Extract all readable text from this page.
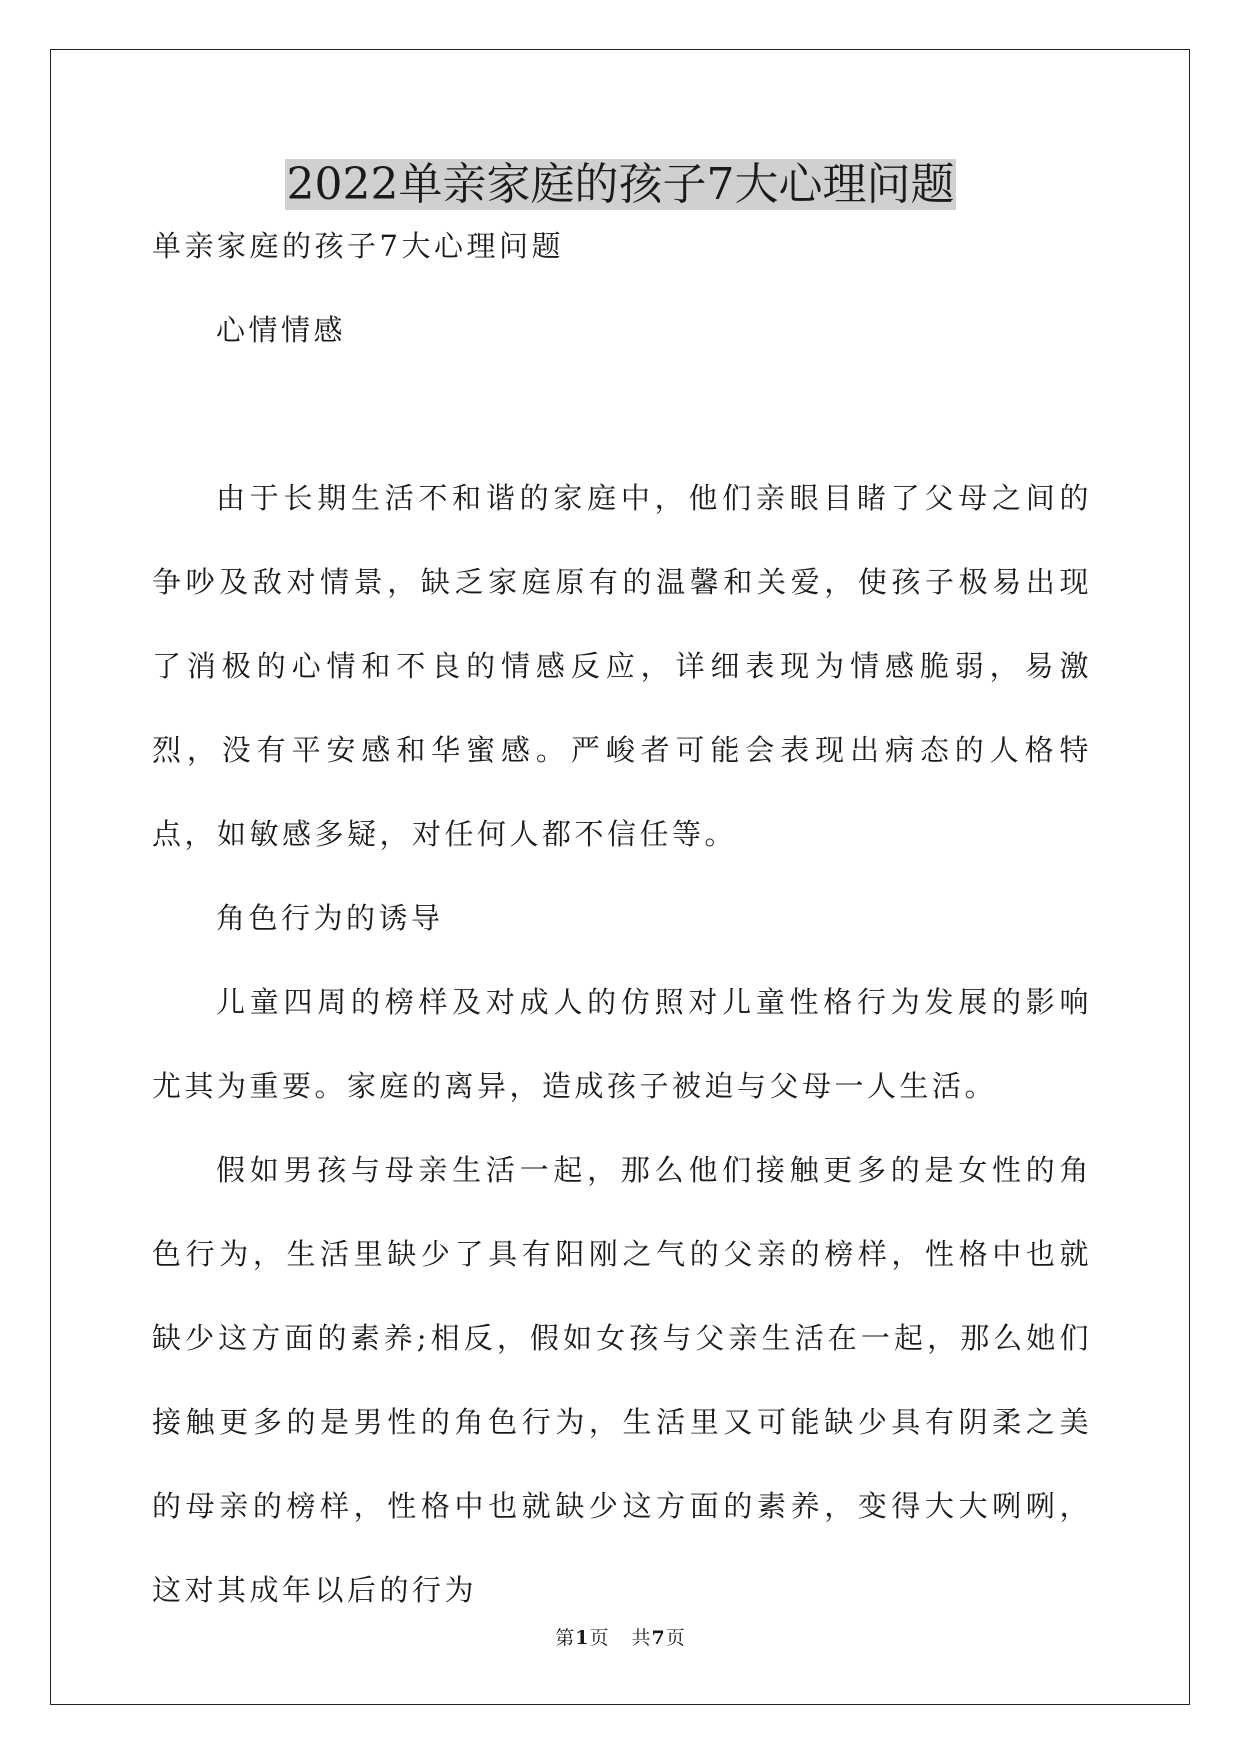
2022单亲家庭的孩子7大心理问题

单亲家庭的孩子7大心理问题

心情情感

由于长期生活不和谐的家庭中，他们亲眼目睹了父母之间的争吵及敌对情景，缺乏家庭原有的温馨和关爱，使孩子极易出现了消极的心情和不良的情感反应，详细表现为情感脆弱，易激烈，没有平安感和华蜜感。严峻者可能会表现出病态的人格特点，如敏感多疑，对任何人都不信任等。

角色行为的诱导

儿童四周的榜样及对成人的仿照对儿童性格行为发展的影响尤其为重要。家庭的离异，造成孩子被迫与父母一人生活。

假如男孩与母亲生活一起，那么他们接触更多的是女性的角色行为，生活里缺少了具有阳刚之气的父亲的榜样，性格中也就缺少这方面的素养;相反，假如女孩与父亲生活在一起，那么她们接触更多的是男性的角色行为，生活里又可能缺少具有阴柔之美的母亲的榜样，性格中也就缺少这方面的素养，变得大大咧咧，这对其成年以后的行为

第1页 共7页
